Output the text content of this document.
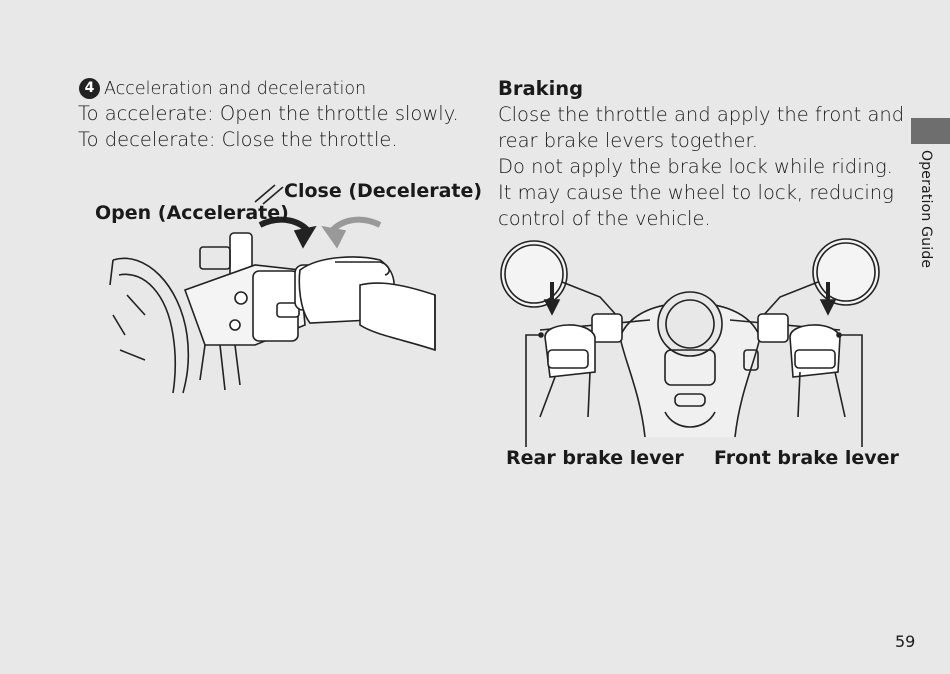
4 Acceleration and deceleration
To accelerate: Open the throttle slowly.
To decelerate: Close the throttle.
Close (Decelerate)
Open (Accelerate)
Braking
Close the throttle and apply the front and
rear brake levers together.
Do not apply the brake lock while riding.
It may cause the wheel to lock, reducing
control of the vehicle.
Rear brake lever Front brake lever
Operation Guide
59
